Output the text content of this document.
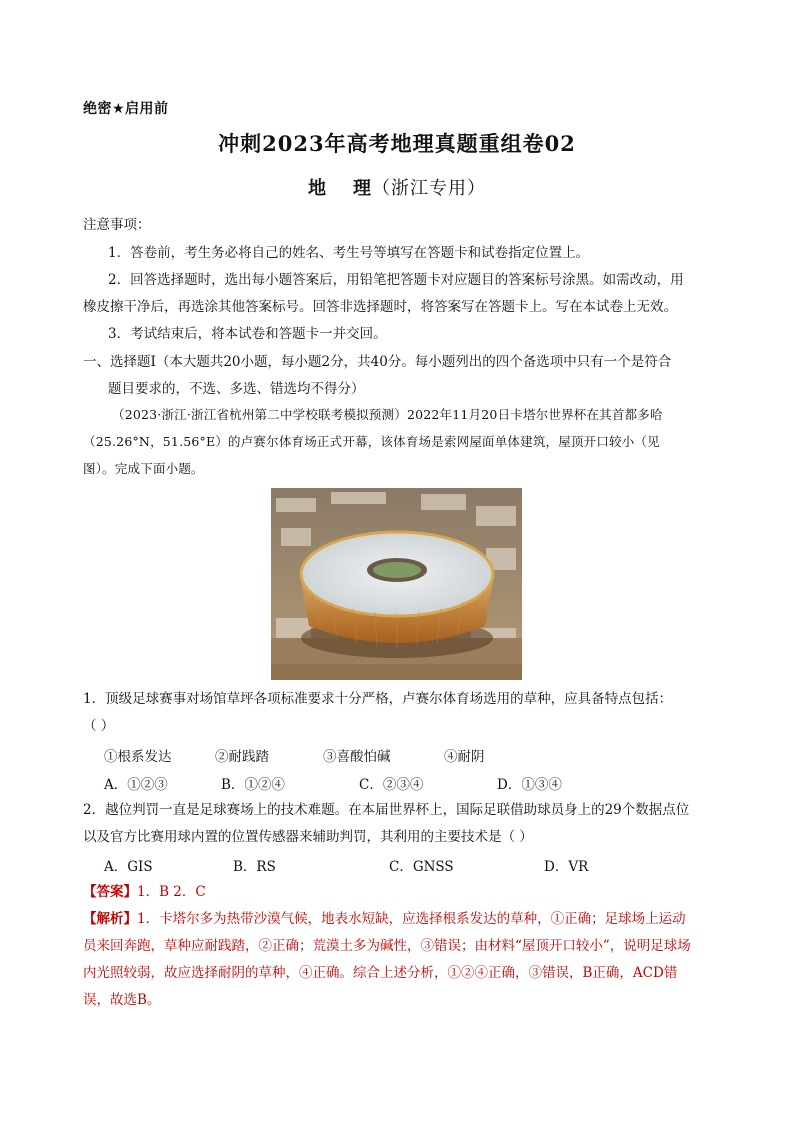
绝密★启用前
冲刺2023年高考地理真题重组卷02
地 理（浙江专用）
注意事项：
1．答卷前，考生务必将自己的姓名、考生号等填写在答题卡和试卷指定位置上。
2．回答选择题时，选出每小题答案后，用铅笔把答题卡对应题目的答案标号涂黑。如需改动，用
橡皮擦干净后，再选涂其他答案标号。回答非选择题时，将答案写在答题卡上。写在本试卷上无效。
3．考试结束后，将本试卷和答题卡一并交回。
一、选择题Ⅰ（本大题共20小题，每小题2分，共40分。每小题列出的四个备选项中只有一个是符合
题目要求的，不选、多选、错选均不得分）
（2023·浙江·浙江省杭州第二中学校联考模拟预测）2022年11月20日卡塔尔世界杯在其首都多哈
（25.26°N，51.56°E）的卢赛尔体育场正式开幕，该体育场是索网屋面单体建筑，屋顶开口较小（见
图）。完成下面小题。
1．顶级足球赛事对场馆草坪各项标准要求十分严格，卢赛尔体育场选用的草种，应具备特点包括：
（ ）
①根系发达	②耐践踏	③喜酸怕碱	④耐阴
A．①②③	B．①②④	C．②③④	D．①③④
2．越位判罚一直是足球赛场上的技术难题。在本届世界杯上，国际足联借助球员身上的29个数据点位
以及官方比赛用球内置的位置传感器来辅助判罚，其利用的主要技术是（ ）
A．GIS	B．RS	C．GNSS	D．VR
【答案】1．B 2．C
【解析】1．卡塔尔多为热带沙漠气候，地表水短缺，应选择根系发达的草种，①正确；足球场上运动
员来回奔跑，草种应耐践踏，②正确；荒漠土多为碱性，③错误；由材料“屋顶开口较小”，说明足球场
内光照较弱，故应选择耐阴的草种，④正确。综合上述分析，①②④正确，③错误，B正确，ACD错
误，故选B。
